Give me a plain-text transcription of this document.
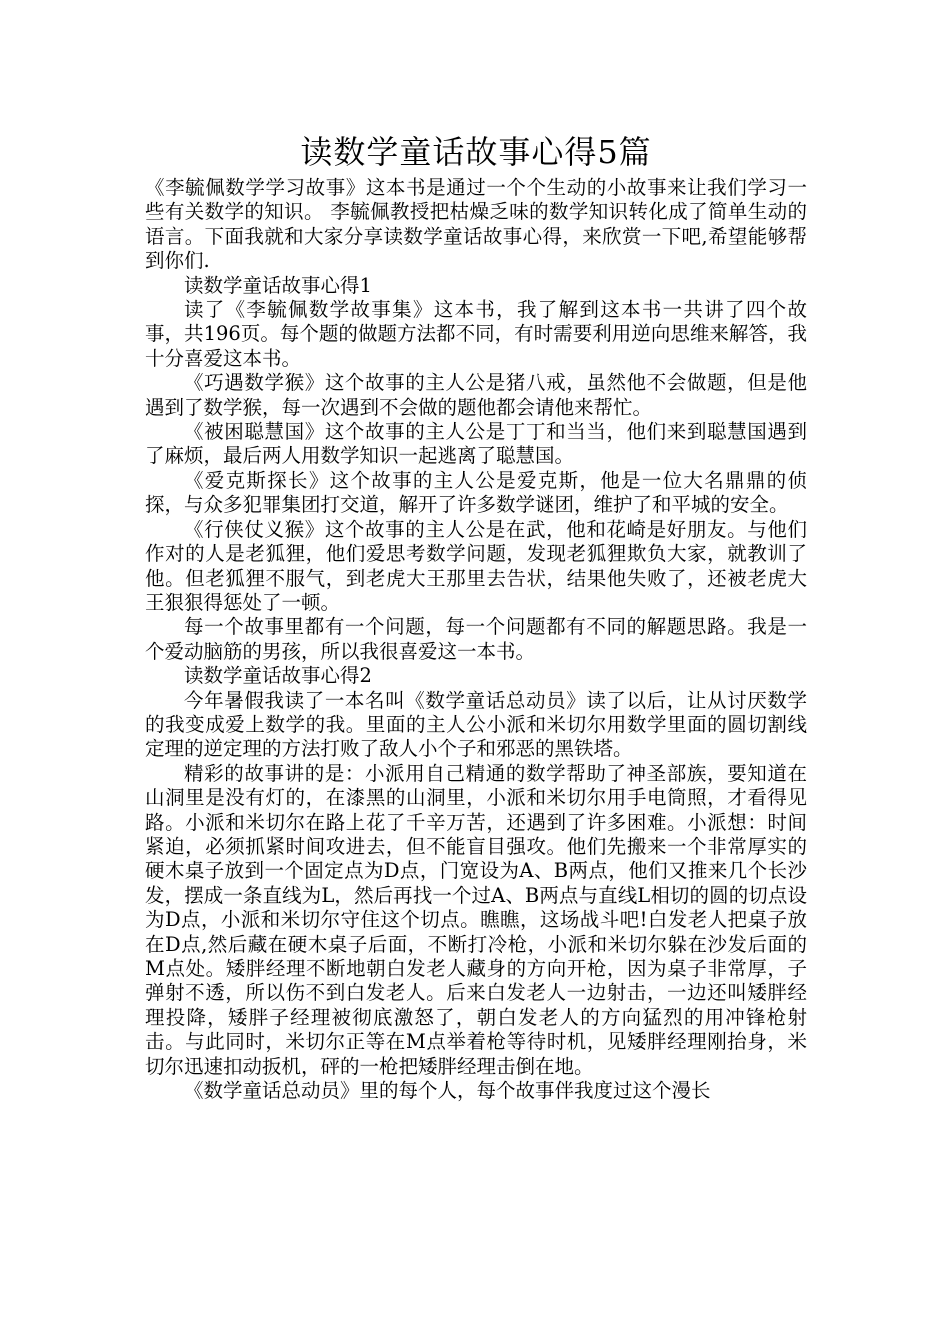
读数学童话故事心得5篇

《李毓佩数学学习故事》这本书是通过一个个生动的小故事来让我们学习一些有关数学的知识。 李毓佩教授把枯燥乏味的数学知识转化成了简单生动的语言。下面我就和大家分享读数学童话故事心得，来欣赏一下吧,希望能够帮到你们.

读数学童话故事心得1

读了《李毓佩数学故事集》这本书，我了解到这本书一共讲了四个故事，共196页。每个题的做题方法都不同，有时需要利用逆向思维来解答，我十分喜爱这本书。

《巧遇数学猴》这个故事的主人公是猪八戒，虽然他不会做题，但是他遇到了数学猴，每一次遇到不会做的题他都会请他来帮忙。

《被困聪慧国》这个故事的主人公是丁丁和当当，他们来到聪慧国遇到了麻烦，最后两人用数学知识一起逃离了聪慧国。

《爱克斯探长》这个故事的主人公是爱克斯，他是一位大名鼎鼎的侦探，与众多犯罪集团打交道，解开了许多数学谜团，维护了和平城的安全。

《行侠仗义猴》这个故事的主人公是在武，他和花崎是好朋友。与他们作对的人是老狐狸，他们爱思考数学问题，发现老狐狸欺负大家，就教训了他。但老狐狸不服气，到老虎大王那里去告状，结果他失败了，还被老虎大王狠狠得惩处了一顿。

每一个故事里都有一个问题，每一个问题都有不同的解题思路。我是一个爱动脑筋的男孩，所以我很喜爱这一本书。

读数学童话故事心得2

今年暑假我读了一本名叫《数学童话总动员》读了以后，让从讨厌数学的我变成爱上数学的我。里面的主人公小派和米切尔用数学里面的圆切割线定理的逆定理的方法打败了敌人小个子和邪恶的黑铁塔。

精彩的故事讲的是：小派用自己精通的数学帮助了神圣部族，要知道在山洞里是没有灯的，在漆黑的山洞里，小派和米切尔用手电筒照，才看得见路。小派和米切尔在路上花了千辛万苦，还遇到了许多困难。小派想：时间紧迫，必须抓紧时间攻进去，但不能盲目强攻。他们先搬来一个非常厚实的硬木桌子放到一个固定点为D点，门宽设为A、B两点，他们又推来几个长沙发，摆成一条直线为L，然后再找一个过A、B两点与直线L相切的圆的切点设为D点，小派和米切尔守住这个切点。瞧瞧，这场战斗吧!白发老人把桌子放在D点,然后藏在硬木桌子后面，不断打冷枪，小派和米切尔躲在沙发后面的M点处。矮胖经理不断地朝白发老人藏身的方向开枪，因为桌子非常厚，子弹射不透，所以伤不到白发老人。后来白发老人一边射击，一边还叫矮胖经理投降，矮胖子经理被彻底激怒了，朝白发老人的方向猛烈的用冲锋枪射击。与此同时，米切尔正等在M点举着枪等待时机，见矮胖经理刚抬身，米切尔迅速扣动扳机，砰的一枪把矮胖经理击倒在地。

《数学童话总动员》里的每个人，每个故事伴我度过这个漫长
